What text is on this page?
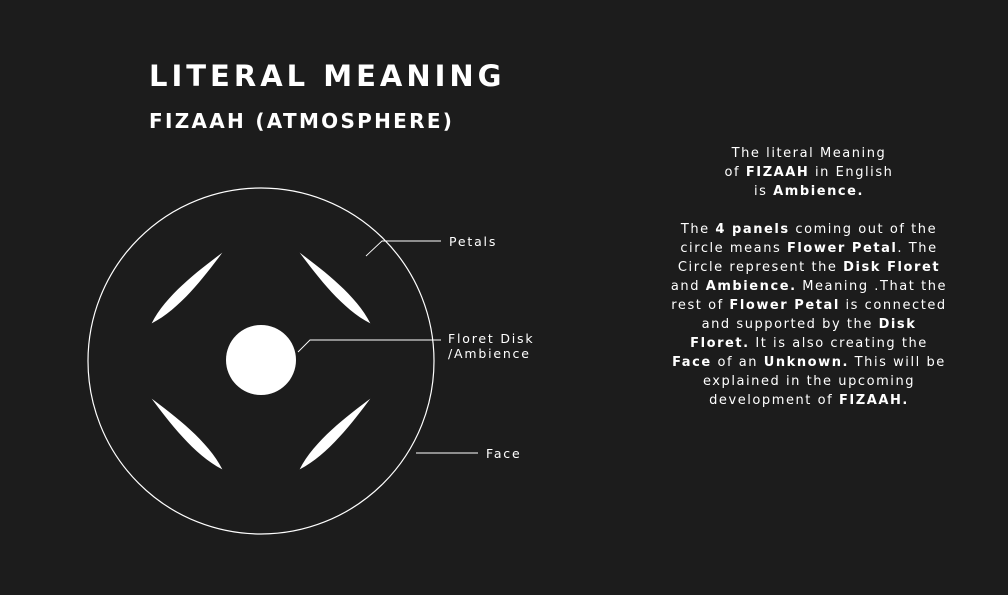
LITERAL MEANING
FIZAAH (ATMOSPHERE)
Petals
Floret Disk
/Ambience
Face

The literal Meaning
of FIZAAH in English
is Ambience.

The 4 panels coming out of the circle means Flower Petal. The Circle represent the Disk Floret and Ambience. Meaning .That the rest of Flower Petal is connected and supported by the Disk Floret. It is also creating the Face of an Unknown. This will be explained in the upcoming development of FIZAAH.
